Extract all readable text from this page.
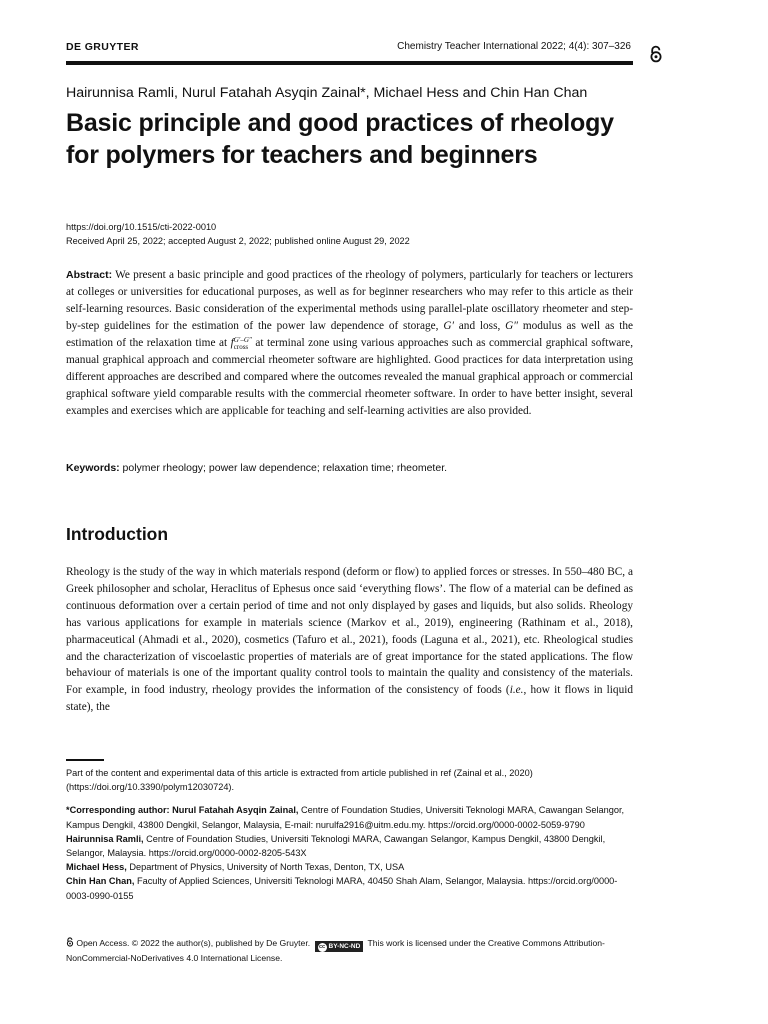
DE GRUYTER	Chemistry Teacher International 2022; 4(4): 307–326
Hairunnisa Ramli, Nurul Fatahah Asyqin Zainal*, Michael Hess and Chin Han Chan
Basic principle and good practices of rheology for polymers for teachers and beginners
https://doi.org/10.1515/cti-2022-0010
Received April 25, 2022; accepted August 2, 2022; published online August 29, 2022

Abstract: We present a basic principle and good practices of the rheology of polymers, particularly for teachers or lecturers at colleges or universities for educational purposes, as well as for beginner researchers who may refer to this article as their self-learning resources. Basic consideration of the experimental methods using parallel-plate oscillatory rheometer and step-by-step guidelines for the estimation of the power law dependence of storage, G′ and loss, G″ modulus as well as the estimation of the relaxation time at f G′–G″
cross at terminal zone using various approaches such as commercial graphical software, manual graphical approach and commercial rheometer software are highlighted. Good practices for data interpretation using different approaches are described and compared where the outcomes revealed the manual graphical approach or commercial graphical software yield comparable results with the commercial rheometer software. In order to have better insight, several examples and exercises which are applicable for teaching and self-learning activities are also provided.

Keywords: polymer rheology; power law dependence; relaxation time; rheometer.

Introduction

Rheology is the study of the way in which materials respond (deform or flow) to applied forces or stresses. In 550–480 BC, a Greek philosopher and scholar, Heraclitus of Ephesus once said ‘everything flows’. The flow of a material can be defined as continuous deformation over a certain period of time and not only displayed by gases and liquids, but also solids. Rheology has various applications for example in materials science (Markov et al., 2019), engineering (Rathinam et al., 2018), pharmaceutical (Ahmadi et al., 2020), cosmetics (Tafuro et al., 2021), foods (Laguna et al., 2021), etc. Rheological studies and the characterization of viscoelastic properties of materials are of great importance for the stated applications. The flow behaviour of materials is one of the important quality control tools to maintain the quality and consistency of the materials. For example, in food industry, rheology provides the information of the consistency of foods (i.e., how it flows in liquid state), the

Part of the content and experimental data of this article is extracted from article published in ref (Zainal et al., 2020) (https://doi.org/10.3390/polym12030724).

*Corresponding author: Nurul Fatahah Asyqin Zainal, Centre of Foundation Studies, Universiti Teknologi MARA, Cawangan Selangor, Kampus Dengkil, 43800 Dengkil, Selangor, Malaysia, E-mail: nurulfa2916@uitm.edu.my. https://orcid.org/0000-0002-5059-9790

Hairunnisa Ramli, Centre of Foundation Studies, Universiti Teknologi MARA, Cawangan Selangor, Kampus Dengkil, 43800 Dengkil, Selangor, Malaysia. https://orcid.org/0000-0002-8205-543X

Michael Hess, Department of Physics, University of North Texas, Denton, TX, USA

Chin Han Chan, Faculty of Applied Sciences, Universiti Teknologi MARA, 40450 Shah Alam, Selangor, Malaysia. https://orcid.org/0000-0003-0990-0155

Open Access. © 2022 the author(s), published by De Gruyter. cc BY-NC-ND This work is licensed under the Creative Commons Attribution-NonCommercial-NoDerivatives 4.0 International License.
